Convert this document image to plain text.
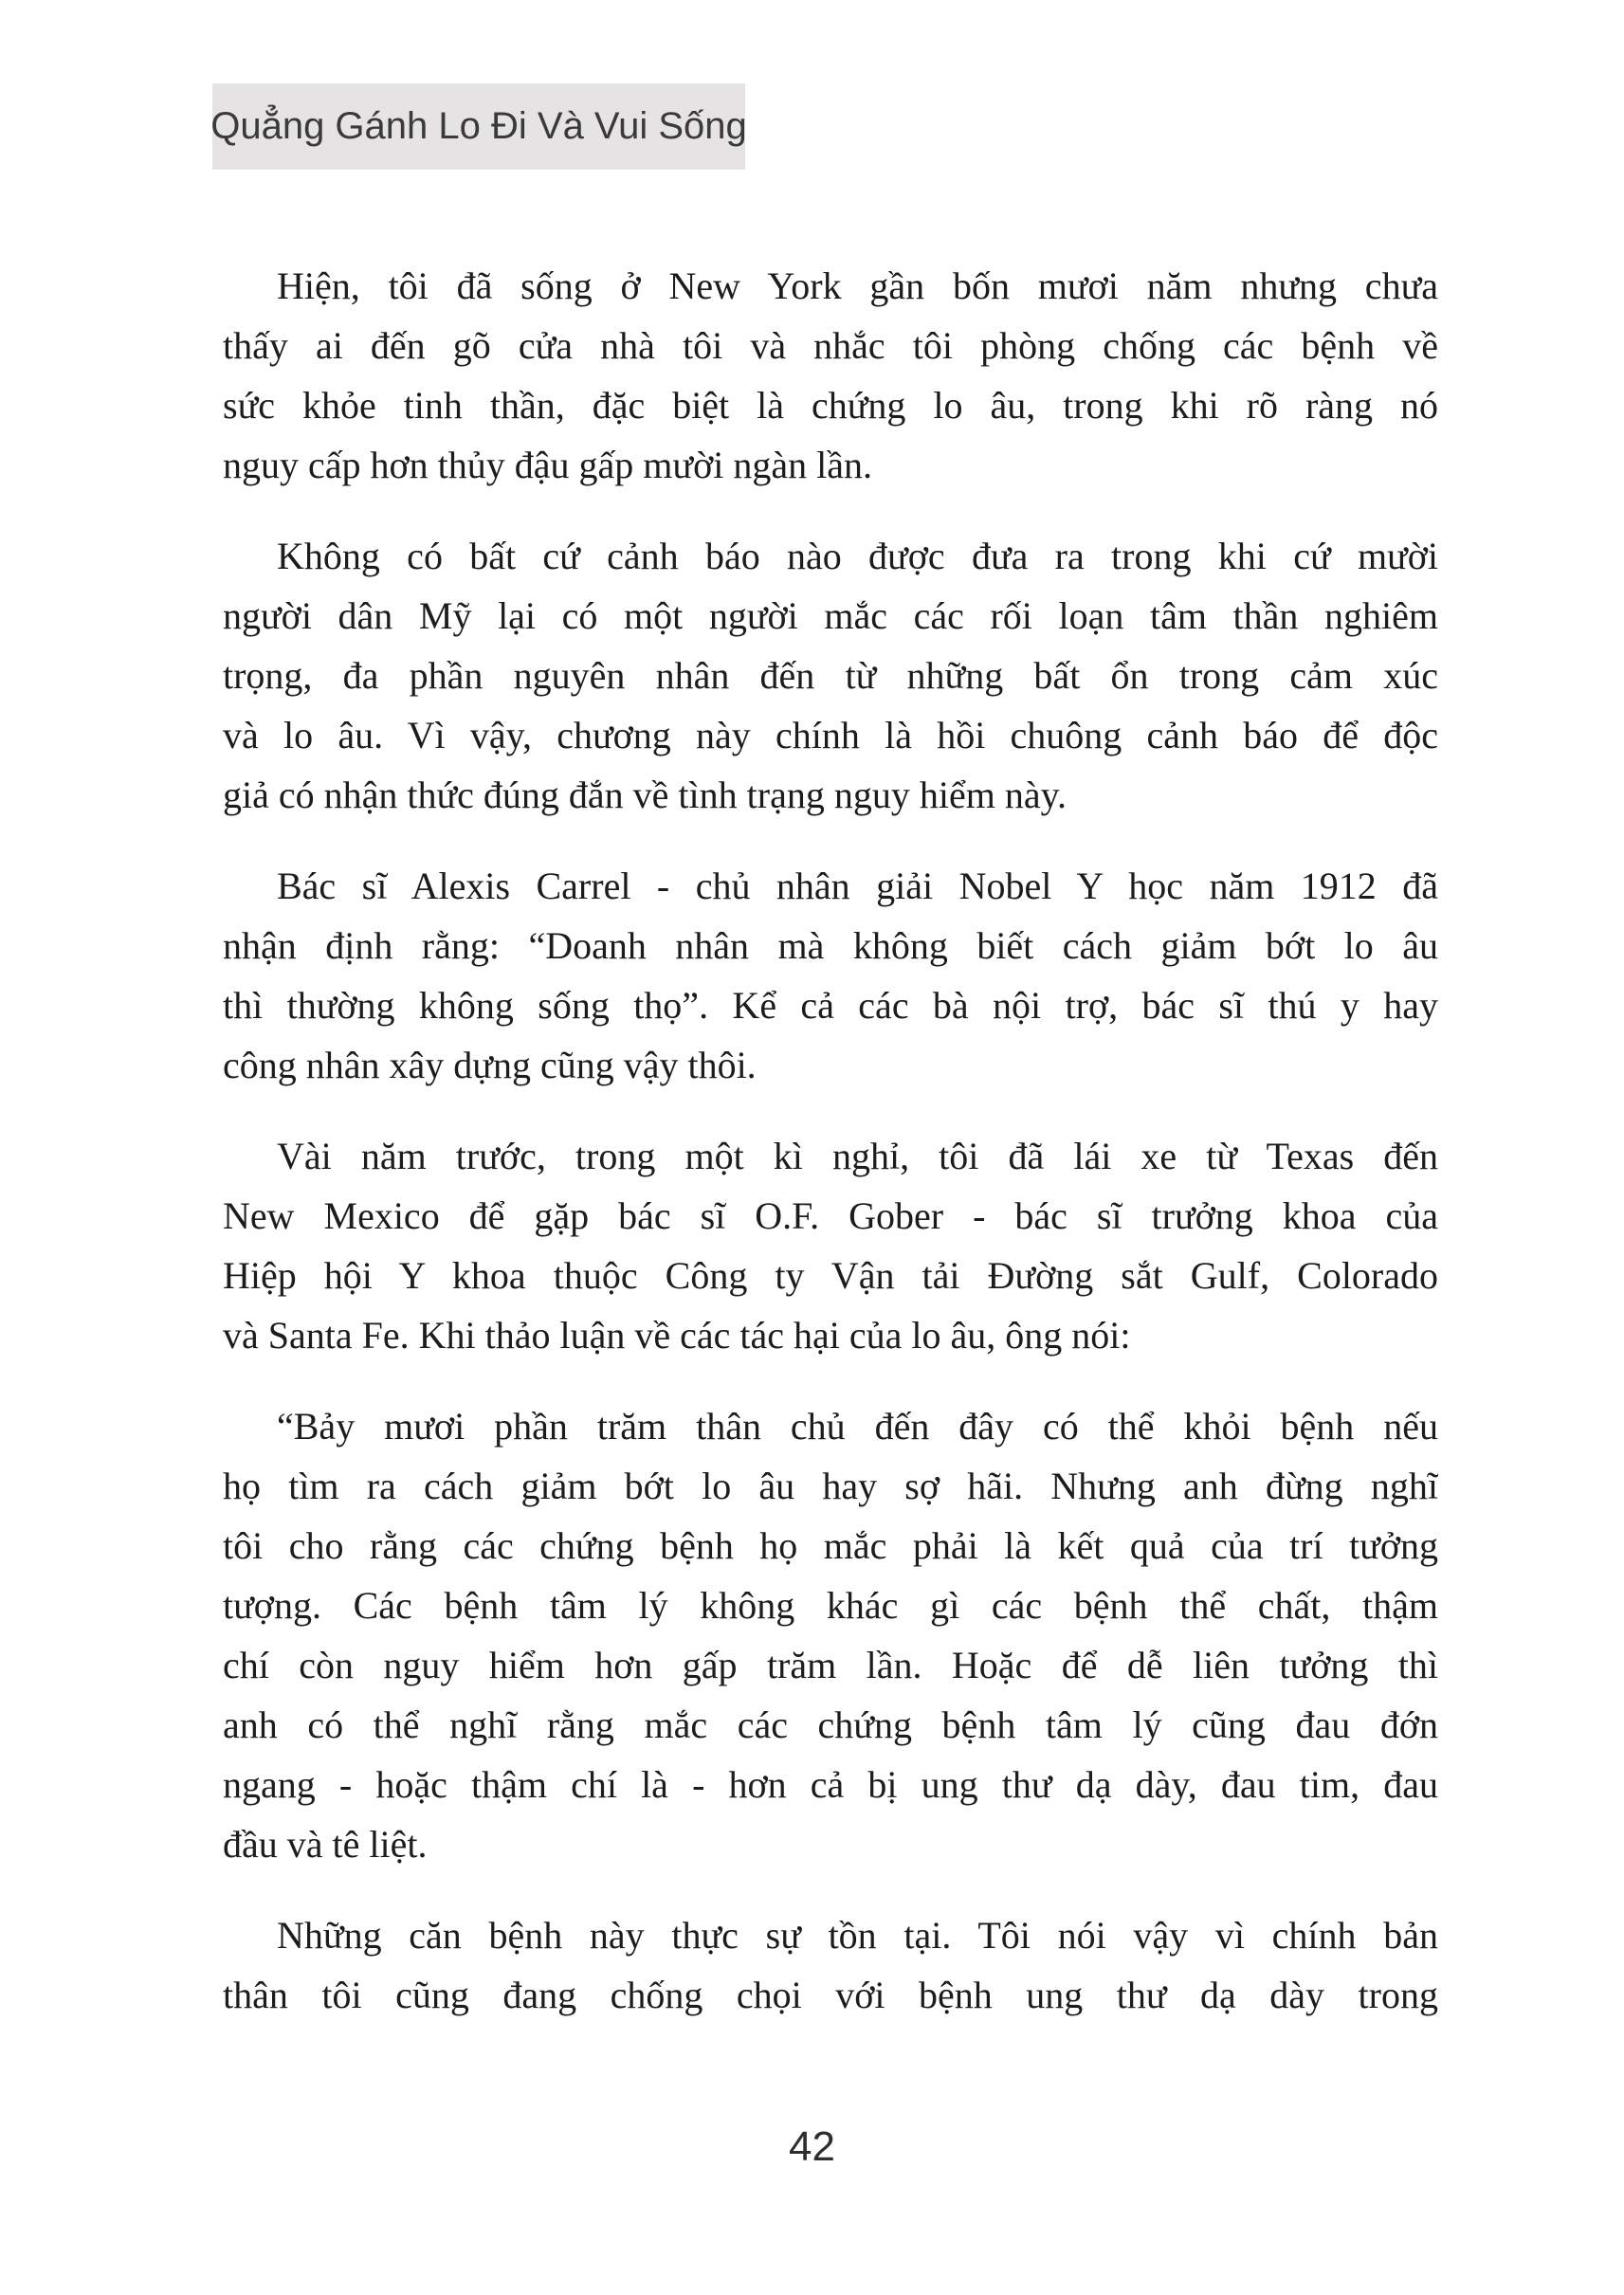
Quẳng Gánh Lo Đi Và Vui Sống
Hiện, tôi đã sống ở New York gần bốn mươi năm nhưng chưa
thấy ai đến gõ cửa nhà tôi và nhắc tôi phòng chống các bệnh về
sức khỏe tinh thần, đặc biệt là chứng lo âu, trong khi rõ ràng nó
nguy cấp hơn thủy đậu gấp mười ngàn lần.
Không có bất cứ cảnh báo nào được đưa ra trong khi cứ mười
người dân Mỹ lại có một người mắc các rối loạn tâm thần nghiêm
trọng, đa phần nguyên nhân đến từ những bất ổn trong cảm xúc
và lo âu. Vì vậy, chương này chính là hồi chuông cảnh báo để độc
giả có nhận thức đúng đắn về tình trạng nguy hiểm này.
Bác sĩ Alexis Carrel - chủ nhân giải Nobel Y học năm 1912 đã
nhận định rằng: “Doanh nhân mà không biết cách giảm bớt lo âu
thì thường không sống thọ”. Kể cả các bà nội trợ, bác sĩ thú y hay
công nhân xây dựng cũng vậy thôi.
Vài năm trước, trong một kì nghỉ, tôi đã lái xe từ Texas đến
New Mexico để gặp bác sĩ O.F. Gober - bác sĩ trưởng khoa của
Hiệp hội Y khoa thuộc Công ty Vận tải Đường sắt Gulf, Colorado
và Santa Fe. Khi thảo luận về các tác hại của lo âu, ông nói:
“Bảy mươi phần trăm thân chủ đến đây có thể khỏi bệnh nếu
họ tìm ra cách giảm bớt lo âu hay sợ hãi. Nhưng anh đừng nghĩ
tôi cho rằng các chứng bệnh họ mắc phải là kết quả của trí tưởng
tượng. Các bệnh tâm lý không khác gì các bệnh thể chất, thậm
chí còn nguy hiểm hơn gấp trăm lần. Hoặc để dễ liên tưởng thì
anh có thể nghĩ rằng mắc các chứng bệnh tâm lý cũng đau đớn
ngang - hoặc thậm chí là - hơn cả bị ung thư dạ dày, đau tim, đau
đầu và tê liệt.
Những căn bệnh này thực sự tồn tại. Tôi nói vậy vì chính bản
thân tôi cũng đang chống chọi với bệnh ung thư dạ dày trong
42
